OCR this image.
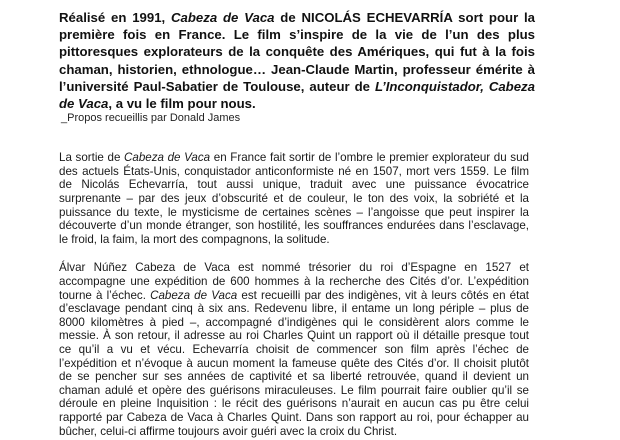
Réalisé en 1991, Cabeza de Vaca de NICOLÁS ECHEVARRÍA sort pour la première fois en France. Le film s’inspire de la vie de l’un des plus pittoresques explorateurs de la conquête des Amériques, qui fut à la fois chaman, historien, ethnologue… Jean-Claude Martin, professeur émérite à l’université Paul-Sabatier de Toulouse, auteur de L’Inconquistador, Cabeza de Vaca, a vu le film pour nous.

_Propos recueillis par Donald James

La sortie de Cabeza de Vaca en France fait sortir de l’ombre le premier explorateur du sud des actuels États-Unis, conquistador anticonformiste né en 1507, mort vers 1559. Le film de Nicolás Echevarría, tout aussi unique, traduit avec une puissance évocatrice surprenante – par des jeux d’obscurité et de couleur, le ton des voix, la sobriété et la puissance du texte, le mysticisme de certaines scènes – l’angoisse que peut inspirer la découverte d’un monde étranger, son hostilité, les souffrances endurées dans l’esclavage, le froid, la faim, la mort des compagnons, la solitude.

Álvar Núñez Cabeza de Vaca est nommé trésorier du roi d’Espagne en 1527 et accompagne une expédition de 600 hommes à la recherche des Cités d’or. L’expédition tourne à l’échec. Cabeza de Vaca est recueilli par des indigènes, vit à leurs côtés en état d’esclavage pendant cinq à six ans. Redevenu libre, il entame un long périple – plus de 8000 kilomètres à pied –, accompagné d’indigènes qui le considèrent alors comme le messie. À son retour, il adresse au roi Charles Quint un rapport où il détaille presque tout ce qu’il a vu et vécu. Echevarría choisit de commencer son film après l’échec de l’expédition et n’évoque à aucun moment la fameuse quête des Cités d’or. Il choisit plutôt de se pencher sur ses années de captivité et sa liberté retrouvée, quand il devient un chaman adulé et opère des guérisons miraculeuses. Le film pourrait faire oublier qu’il se déroule en pleine Inquisition : le récit des guérisons n’aurait en aucun cas pu être celui rapporté par Cabeza de Vaca à Charles Quint. Dans son rapport au roi, pour échapper au bûcher, celui-ci affirme toujours avoir guéri avec la croix du Christ.
